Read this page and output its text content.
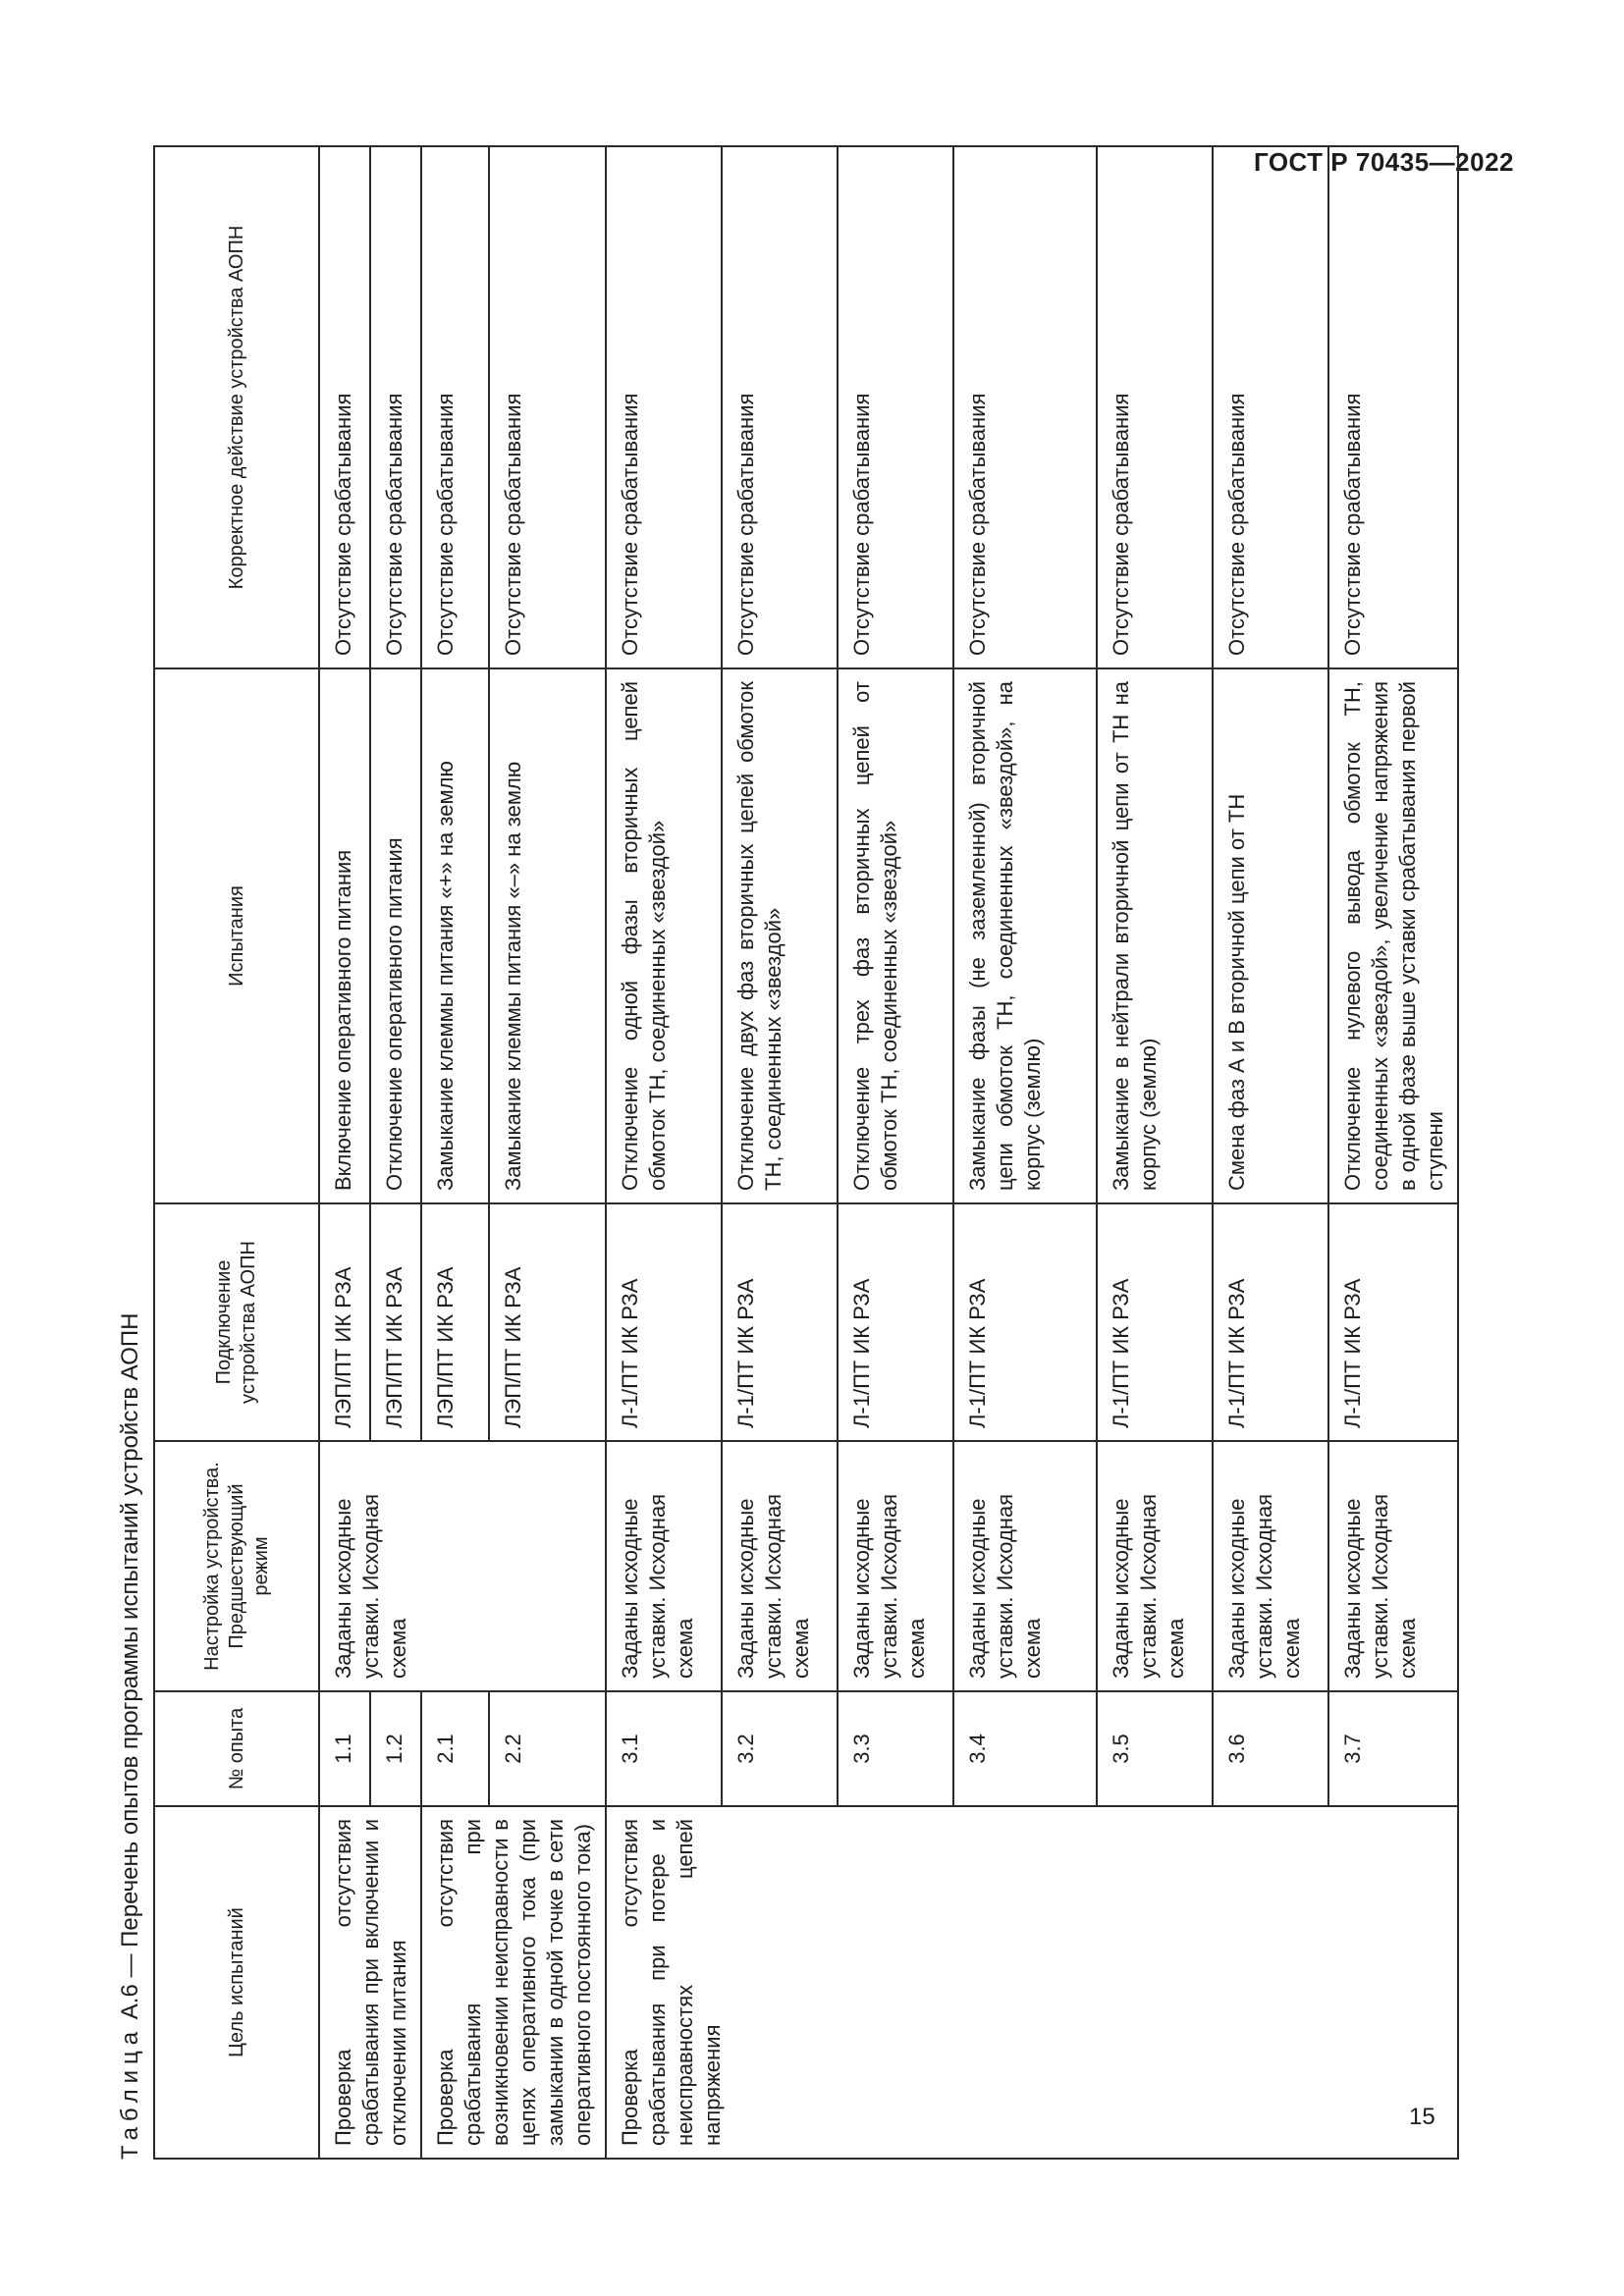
ГОСТ Р 70435—2022
Таблица А.6 — Перечень опытов программы испытаний устройств АОПН	Цель испытаний	№ опыта	Настройка устройства. Предшествующий режим	Подключение устройства АОПН	Испытания	Корректное действие устройства АОПН
Проверка отсутствия срабатывания при включении и отключении питания	1.1	Заданы исходные уставки. Исходная схема	ЛЭП/ПТ ИК РЗА	Включение оперативного питания	Отсутствие срабатывания
	1.2		ЛЭП/ПТ ИК РЗА	Отключение оперативного питания	Отсутствие срабатывания
Проверка отсутствия срабатывания при возникновении неисправности в цепях оперативного тока (при замыкании в одной точке в сети оперативного постоянного тока)	2.1		ЛЭП/ПТ ИК РЗА	Замыкание клеммы питания «+» на землю	Отсутствие срабатывания
	2.2		ЛЭП/ПТ ИК РЗА	Замыкание клеммы питания «–» на землю	Отсутствие срабатывания
Проверка отсутствия срабатывания при потере и неисправностях цепей напряжения	3.1	Заданы исходные уставки. Исходная схема	Л-1/ПТ ИК РЗА	Отключение одной фазы вторичных цепей обмоток ТН, соединенных «звездой»	Отсутствие срабатывания
	3.2	Заданы исходные уставки. Исходная схема	Л-1/ПТ ИК РЗА	Отключение двух фаз вторичных цепей обмоток ТН, соединенных «звездой»	Отсутствие срабатывания
	3.3	Заданы исходные уставки. Исходная схема	Л-1/ПТ ИК РЗА	Отключение трех фаз вторичных цепей от обмоток ТН, соединенных «звездой»	Отсутствие срабатывания
	3.4	Заданы исходные уставки. Исходная схема	Л-1/ПТ ИК РЗА	Замыкание фазы (не заземленной) вторичной цепи обмоток ТН, соединенных «звездой», на корпус (землю)	Отсутствие срабатывания
	3.5	Заданы исходные уставки. Исходная схема	Л-1/ПТ ИК РЗА	Замыкание в нейтрали вторичной цепи от ТН на корпус (землю)	Отсутствие срабатывания
	3.6	Заданы исходные уставки. Исходная схема	Л-1/ПТ ИК РЗА	Смена фаз А и В вторичной цепи от ТН	Отсутствие срабатывания
	3.7	Заданы исходные уставки. Исходная схема	Л-1/ПТ ИК РЗА	Отключение нулевого вывода обмоток ТН, соединенных «звездой», увеличение напряжения в одной фазе выше уставки срабатывания первой ступени	Отсутствие срабатывания
15
